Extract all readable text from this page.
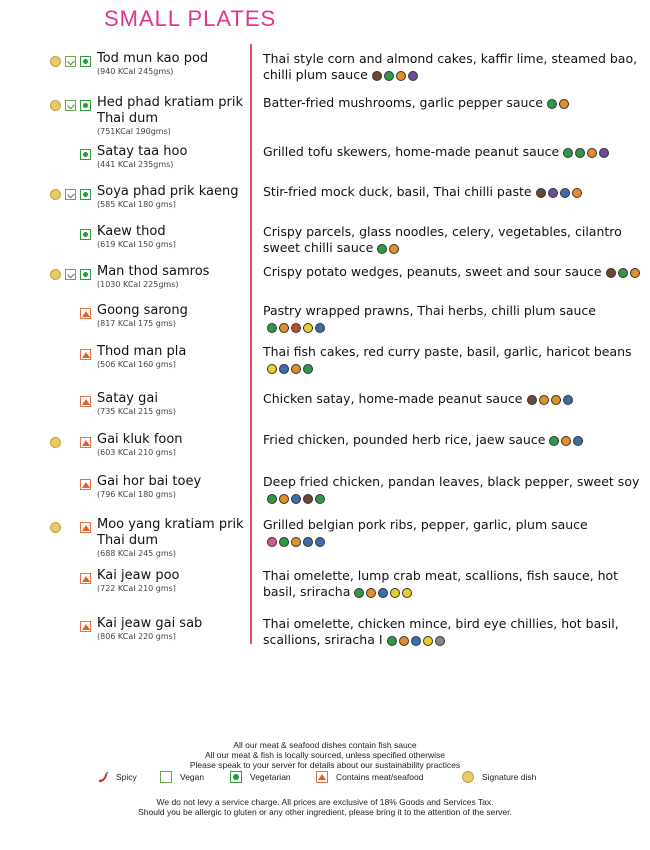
SMALL PLATES
Tod mun kao pod
(940 KCal 245gms)
Thai style corn and almond cakes, kaffir lime, steamed bao, chilli plum sauce
Hed phad kratiam prik Thai dum
(751KCal 190gms)
Batter-fried mushrooms, garlic pepper sauce
Satay taa hoo
(441 KCal 235gms)
Grilled tofu skewers, home-made peanut sauce
Soya phad prik kaeng
(585 KCal 180 gms)
Stir-fried mock duck, basil, Thai chilli paste
Kaew thod
(619 KCal 150 gms)
Crispy parcels, glass noodles, celery, vegetables, cilantro sweet chilli sauce
Man thod samros
(1030 KCal 225gms)
Crispy potato wedges, peanuts, sweet and sour sauce
Goong sarong
(817 KCal 175 gms)
Pastry wrapped prawns, Thai herbs, chilli plum sauce
Thod man pla
(506 KCal 160 gms)
Thai fish cakes, red curry paste, basil, garlic, haricot beans
Satay gai
(735 KCal 215 gms)
Chicken satay, home-made peanut sauce
Gai kluk foon
(603 KCal 210 gms)
Fried chicken, pounded herb rice, jaew sauce
Gai hor bai toey
(796 KCal 180 gms)
Deep fried chicken, pandan leaves, black pepper, sweet soy
Moo yang kratiam prik Thai dum
(688 KCal 245 gms)
Grilled belgian pork ribs, pepper, garlic, plum sauce
Kai jeaw poo
(722 KCal 210 gms)
Thai omelette, lump crab meat, scallions, fish sauce, hot basil, sriracha
Kai jeaw gai sab
(806 KCal 220 gms)
Thai omelette, chicken mince, bird eye chillies, hot basil, scallions, sriracha I
All our meat & seafood dishes contain fish sauce
All our meat & fish is locally sourced, unless specified otherwise
Please speak to your server for details about our sustainability practices
Spicy	Vegan	Vegetarian	Contains meat/seafood	Signature dish
We do not levy a service charge. All prices are exclusive of 18% Goods and Services Tax.
Should you be allergic to gluten or any other ingredient, please bring it to the attention of the server.
